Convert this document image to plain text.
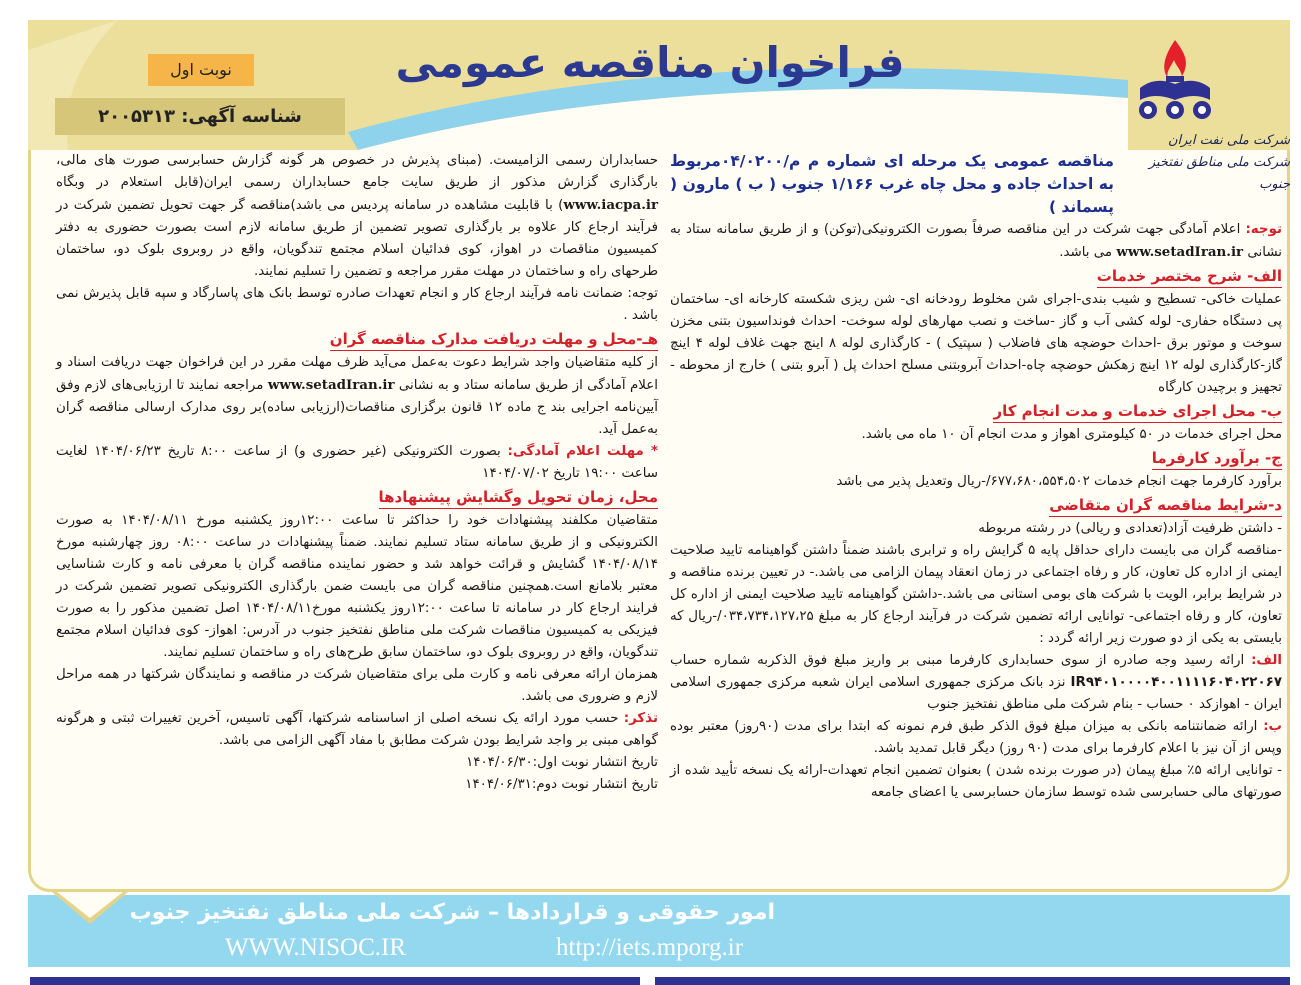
فراخوان مناقصه عمومی
نوبت اول
شناسه آگهی: ۲۰۰۵۳۱۳
شرکت ملی نفت ایران
شرکت ملی مناطق نفتخیز جنوب

مناقصه عمومی یک مرحله ای شماره م م/۰۴/۰۲۰۰مربوط به احداث جاده و محل چاه غرب ۱/۱۶۶ جنوب ( ب ) مارون ( پسماند )

توجه: اعلام آمادگی جهت شرکت در این مناقصه صرفاً بصورت الکترونیکی(توکن) و از طریق سامانه ستاد به نشانی www.setadIran.ir می باشد.

الف- شرح مختصر خدمات

عملیات خاکی- تسطیح و شیب بندی-اجرای شن مخلوط رودخانه ای- شن ریزی شکسته کارخانه ای- ساختمان پی دستگاه حفاری- لوله کشی آب و گاز -ساخت و نصب مهارهای لوله سوخت- احداث فونداسیون بتنی مخزن سوخت و موتور برق -احداث حوضچه های فاضلاب ( سپتیک ) - کارگذاری لوله ۸ اینچ جهت غلاف لوله ۴ اینچ گاز-کارگذاری لوله ۱۲ اینچ زهکش حوضچه چاه-احداث آبروبتنی مسلح احداث پل ( آبرو بتنی ) خارج از محوطه - تجهیز و برچیدن کارگاه

ب- محل اجرای خدمات و مدت انجام کار

محل اجرای خدمات در ۵۰ کیلومتری اهواز و مدت انجام آن ۱۰ ماه می باشد.

ج- برآورد کارفرما

برآورد کارفرما جهت انجام خدمات -/۶۷۷،۶۸۰،۵۵۴،۵۰۲ریال وتعدیل پذیر می باشد

د-شرایط مناقصه گران متقاضی

- داشتن ظرفیت آزاد(تعدادی و ریالی) در رشته مربوطه

-مناقصه گران می بایست دارای حداقل پایه ۵ گرایش راه و ترابری باشند ضمناً داشتن گواهینامه تایید صلاحیت ایمنی از اداره کل تعاون، کار و رفاه اجتماعی در زمان انعقاد پیمان الزامی می باشد.- در تعیین برنده مناقصه و در شرایط برابر، الویت با شرکت های بومی استانی می باشد.-داشتن گواهینامه تایید صلاحیت ایمنی از اداره کل تعاون، کار و رفاه اجتماعی- توانایی ارائه تضمین شرکت در فرآیند ارجاع کار به مبلغ -/۰۳۴،۷۳۴،۱۲۷،۲۵ریال که بایستی به یکی از دو صورت زیر ارائه گردد :

الف: ارائه رسید وجه صادره از سوی حسابداری کارفرما مبنی بر واریز مبلغ فوق الذکربه شماره حساب IR۹۴۰۱۰۰۰۰۴۰۰۱۱۱۱۶۰۴۰۲۲۰۶۷ نزد بانک مرکزی جمهوری اسلامی ایران شعبه مرکزی جمهوری اسلامی ایران - اهوازکد ۰ حساب - بنام شرکت ملی مناطق نفتخیز جنوب

ب: ارائه ضمانتنامه بانکی به میزان مبلغ فوق الذکر طبق فرم نمونه که ابتدا برای مدت (۹۰روز) معتبر بوده وپس از آن نیز با اعلام کارفرما برای مدت (۹۰ روز) دیگر قابل تمدید باشد.

- توانایی ارائه ۵٪ مبلغ پیمان (در صورت برنده شدن ) بعنوان تضمین انجام تعهدات-ارائه یک نسخه تأیید شده از صورتهای مالی حسابرسی شده توسط سازمان حسابرسی یا اعضای جامعه

حسابداران رسمی الزامیست. (مبنای پذیرش در خصوص هر گونه گزارش حسابرسی صورت های مالی، بارگذاری گزارش مذکور از طریق سایت جامع حسابداران رسمی ایران(قابل استعلام در وبگاه www.iacpa.ir) با قابلیت مشاهده در سامانه پردیس می باشد)مناقصه گر جهت تحویل تضمین شرکت در فرآیند ارجاع کار علاوه بر بارگذاری تصویر تضمین از طریق سامانه لازم است بصورت حضوری به دفتر کمیسیون مناقصات در اهواز، کوی فدائیان اسلام مجتمع تندگویان، واقع در روبروی بلوک دو، ساختمان طرحهای راه و ساختمان در مهلت مقرر مراجعه و تضمین را تسلیم نمایند.

توجه: ضمانت نامه فرآیند ارجاع کار و انجام تعهدات صادره توسط بانک های پاسارگاد و سپه قابل پذیرش نمی باشد .

هـ-محل و مهلت دریافت مدارک مناقصه گران

از کلیه متقاضیان واجد شرایط دعوت به‌عمل می‌آید ظرف مهلت مقرر در این فراخوان جهت دریافت اسناد و اعلام آمادگی از طریق سامانه ستاد و به نشانی www.setadIran.ir مراجعه نمایند تا ارزیابی‌های لازم وفق آیین‌نامه اجرایی بند ج ماده ۱۲ قانون برگزاری مناقصات(ارزیابی ساده)بر روی مدارک ارسالی مناقصه گران به‌عمل آید.

* مهلت اعلام آمادگی: بصورت الکترونیکی (غیر حضوری و) از ساعت ۸:۰۰ تاریخ ۱۴۰۴/۰۶/۲۳ لغایت ساعت ۱۹:۰۰ تاریخ ۱۴۰۴/۰۷/۰۲

محل، زمان تحویل وگشایش پیشنهادها

متقاضیان مکلفند پیشنهادات خود را حداکثر تا ساعت ۱۲:۰۰روز یکشنبه مورخ ۱۴۰۴/۰۸/۱۱ به صورت الکترونیکی و از طریق سامانه ستاد تسلیم نمایند. ضمناً پیشنهادات در ساعت ۰۸:۰۰ روز چهارشنبه مورخ ۱۴۰۴/۰۸/۱۴ گشایش و قرائت خواهد شد و حضور نماینده مناقصه گران با معرفی نامه و کارت شناسایی معتبر بلامانع است.همچنین مناقصه گران می بایست ضمن بارگذاری الکترونیکی تصویر تضمین شرکت در فرایند ارجاع کار در سامانه تا ساعت ۱۲:۰۰روز یکشنبه مورخ۱۴۰۴/۰۸/۱۱ اصل تضمین مذکور را به صورت فیزیکی به کمیسیون مناقصات شرکت ملی مناطق نفتخیز جنوب در آدرس: اهواز- کوی فدائیان اسلام مجتمع تندگویان، واقع در روبروی بلوک دو، ساختمان سابق طرح‌های راه و ساختمان تسلیم نمایند.

همزمان ارائه معرفی نامه و کارت ملی برای متقاضیان شرکت در مناقصه و نمایندگان شرکتها در همه مراحل لازم و ضروری می باشد.

تذکر: حسب مورد ارائه یک نسخه اصلی از اساسنامه شرکتها، آگهی تاسیس، آخرین تغییرات ثبتی و هرگونه گواهی مبنی بر واجد شرایط بودن شرکت مطابق با مفاد آگهی الزامی می باشد.

تاریخ انتشار نوبت اول:۱۴۰۴/۰۶/۳۰

تاریخ انتشار نوبت دوم:۱۴۰۴/۰۶/۳۱

امور حقوقی و قراردادها – شرکت ملی مناطق نفتخیز جنوب
WWW.NISOC.IR	http://iets.mporg.ir
